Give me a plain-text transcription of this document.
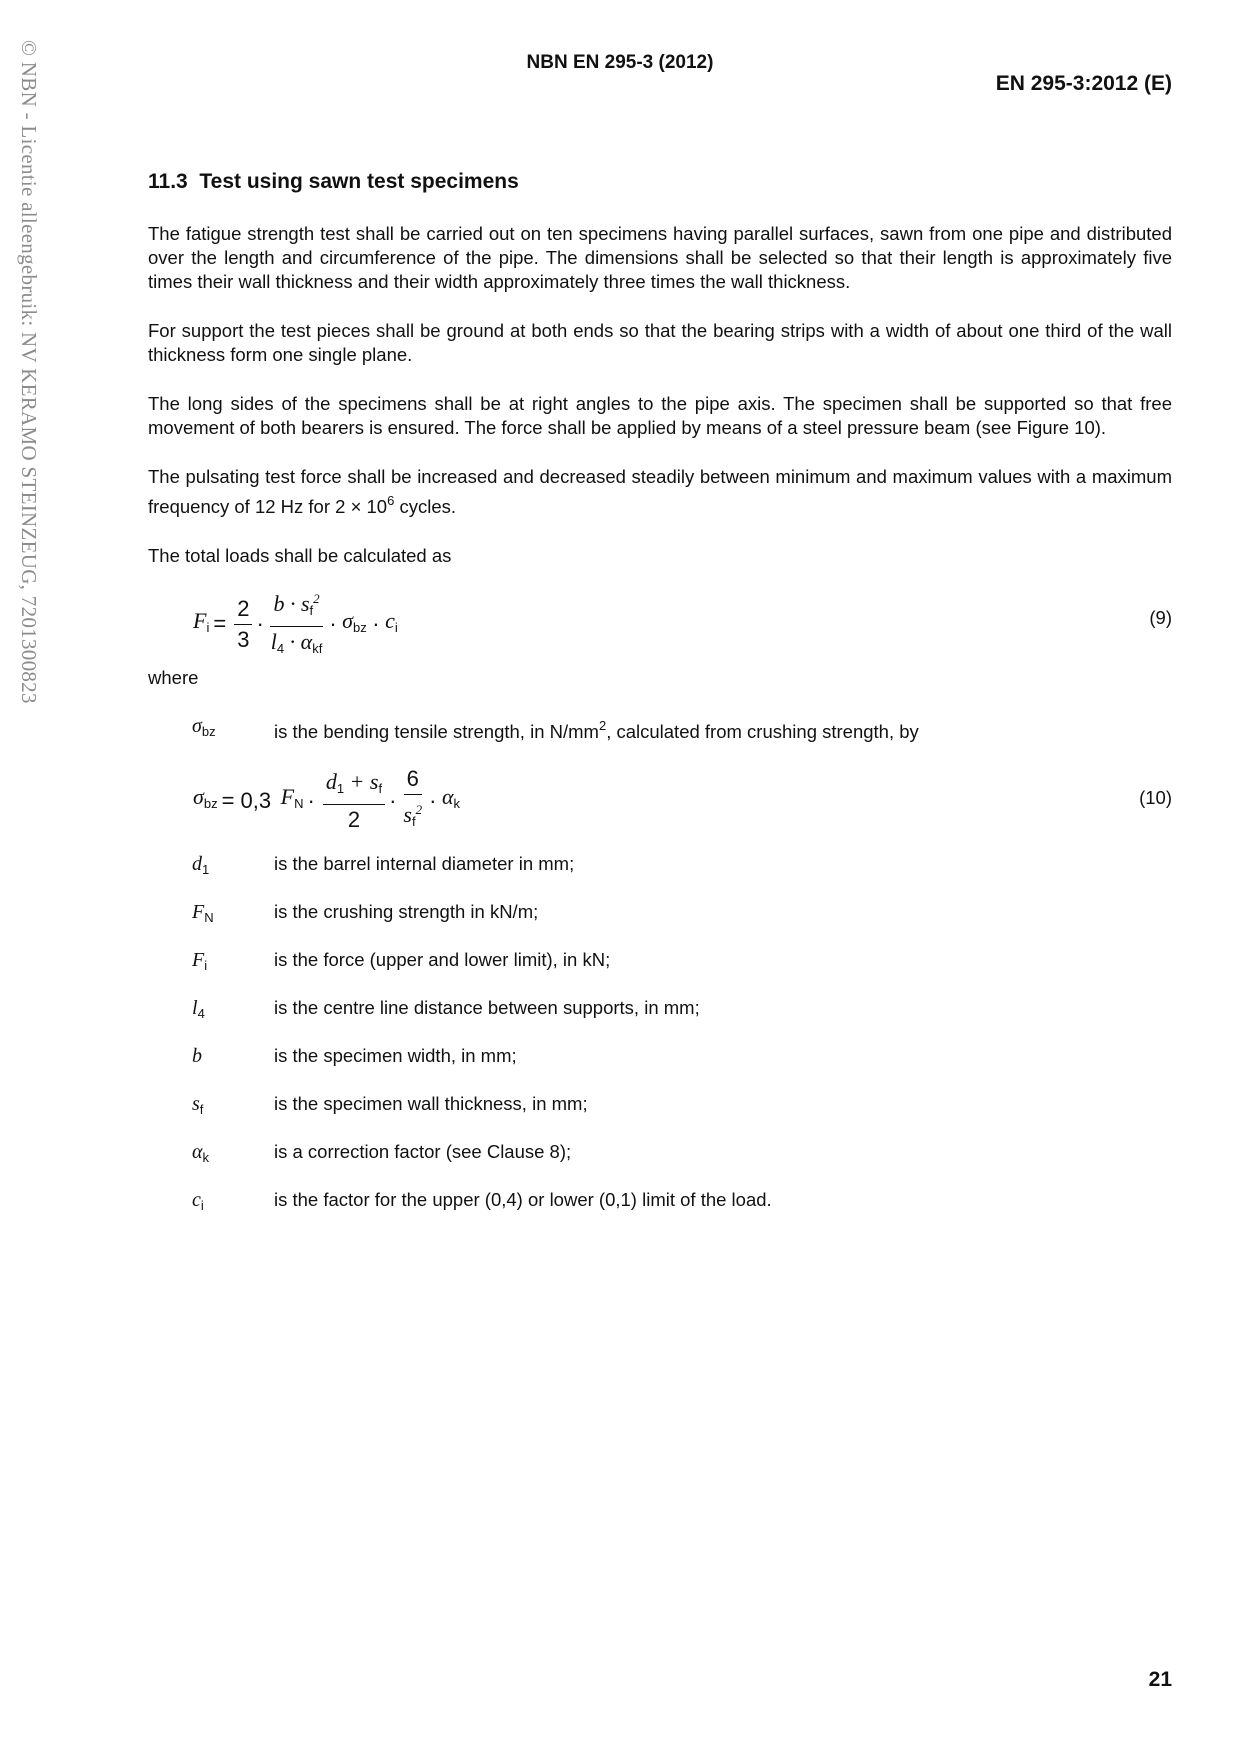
© NBN - Licentie alleengebruik: NV KERAMO STEINZEUG, 7201300823	NBN EN 295-3 (2012)
EN 295-3:2012 (E)
11.3 Test using sawn test specimens

The fatigue strength test shall be carried out on ten specimens having parallel surfaces, sawn from one pipe and distributed over the length and circumference of the pipe. The dimensions shall be selected so that their length is approximately five times their wall thickness and their width approximately three times the wall thickness.

For support the test pieces shall be ground at both ends so that the bearing strips with a width of about one third of the wall thickness form one single plane.

The long sides of the specimens shall be at right angles to the pipe axis. The specimen shall be supported so that free movement of both bearers is ensured. The force shall be applied by means of a steel pressure beam (see Figure 10).

The pulsating test force shall be increased and decreased steadily between minimum and maximum values with a maximum frequency of 12 Hz for $2 \times 10^6$ cycles.

The total loads shall be calculated as

$F_i = \frac{2}{3} \cdot \frac{b \cdot s_f^2}{l_4 \cdot \alpha_{kf}}$ ·
$\sigma_{bz}$
·
$c_i$	(9)

where

$\sigma_{bz}$	is the bending tensile strength, in $N/mm^2$, calculated from crushing strength, by
$\sigma_{bz} = 0,3$
$F_N \cdot \frac{d_1 + s_f}{2} \cdot \frac{6}{s_f^2}$ ·
$\alpha_k$	(10)
$d_1$	is the barrel internal diameter in mm;
$F_N$	is the crushing strength in kN/m;
$F_i$	is the force (upper and lower limit), in kN;
$l_4$	is the centre line distance between supports, in mm;
b	is the specimen width, in mm;
$s_f$	is the specimen wall thickness, in mm;
$\alpha_k$	is a correction factor (see Clause 8);
$c_i$	is the factor for the upper (0,4) or lower (0,1) limit of the load.
21
